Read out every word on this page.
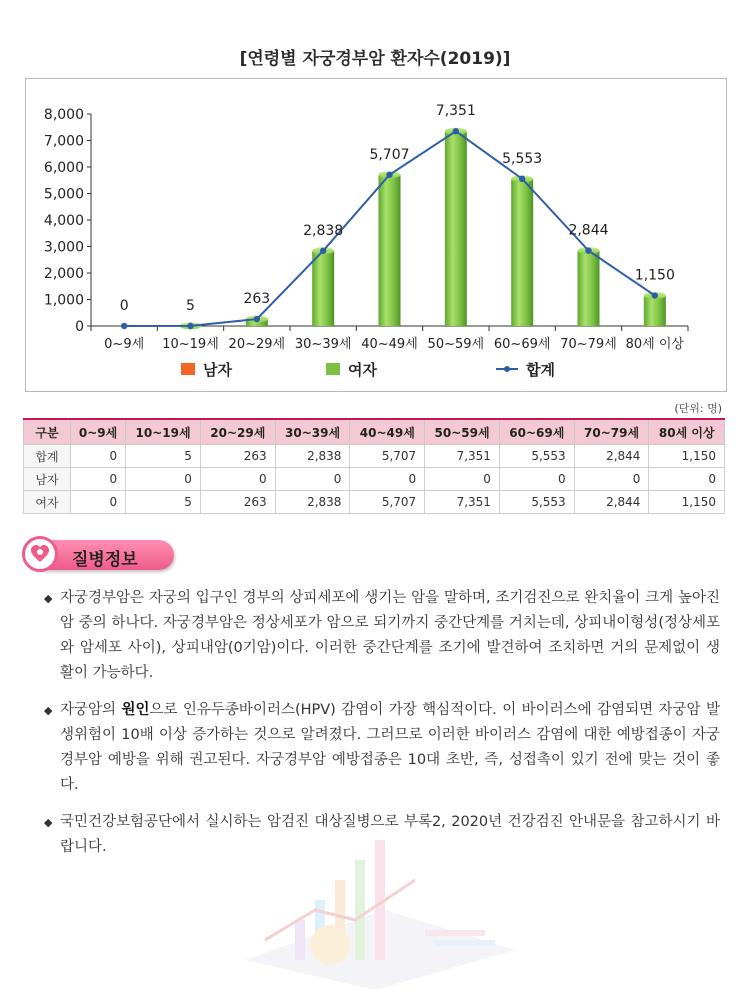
[연령별 자궁경부암 환자수(2019)]
0
1,000
2,000
3,000
4,000
5,000
6,000
7,000
8,000
0~9세 10~19세 20~29세 30~39세 40~49세 50~59세 60~69세 70~79세 80세 이상
0	5	263
2,838
5,707
7,351
5,553
2,844
1,150
남자	여자	합계
(단위: 명)
구분	0~9세	10~19세	20~29세	30~39세	40~49세	50~59세	60~69세	70~79세	80세 이상
합계	0	5	263	2,838	5,707	7,351	5,553	2,844	1,150
남자	0	0	0	0	0	0	0	0	0
여자	0	5	263	2,838	5,707	7,351	5,553	2,844	1,150
질병정보

◆ 자궁경부암은 자궁의 입구인 경부의 상피세포에 생기는 암을 말하며, 조기검진으로 완치율이 크게 높아진 암 중의 하나다. 자궁경부암은 정상세포가 암으로 되기까지 중간단계를 거치는데, 상피내이형성(정상세포와 암세포 사이), 상피내암(0기암)이다. 이러한 중간단계를 조기에 발견하여 조치하면 거의 문제없이 생활이 가능하다.

◆ 자궁암의 원인으로 인유두종바이러스(HPV) 감염이 가장 핵심적이다. 이 바이러스에 감염되면 자궁암 발생위험이 10배 이상 증가하는 것으로 알려졌다. 그러므로 이러한 바이러스 감염에 대한 예방접종이 자궁경부암 예방을 위해 권고된다. 자궁경부암 예방접종은 10대 초반, 즉, 성접촉이 있기 전에 맞는 것이 좋다.

◆ 국민건강보험공단에서 실시하는 암검진 대상질병으로 부록2, 2020년 건강검진 안내문을 참고하시기 바랍니다.
